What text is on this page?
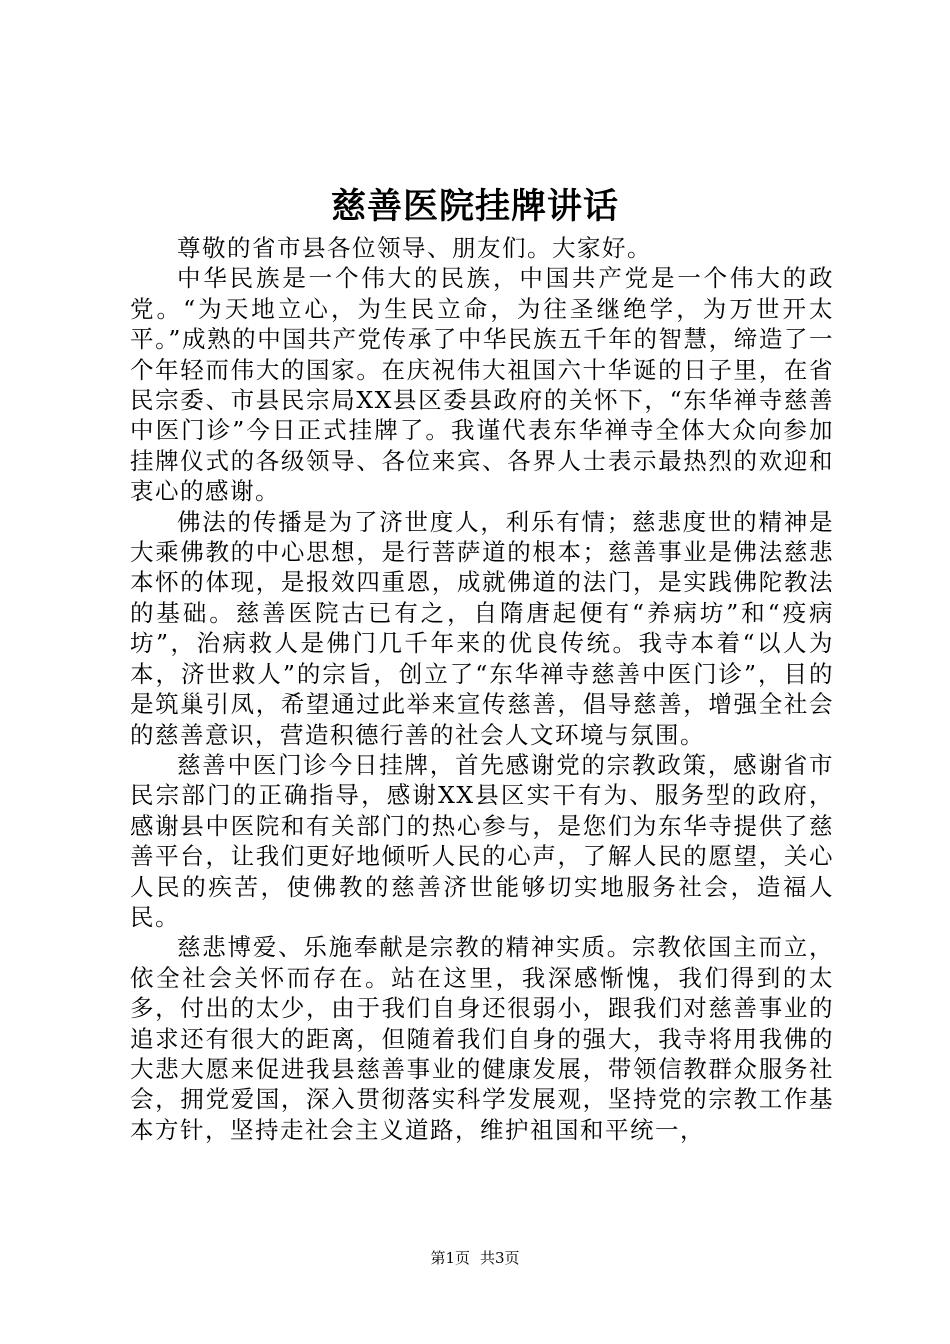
慈善医院挂牌讲话

尊敬的省市县各位领导、朋友们。大家好。

中华民族是一个伟大的民族，中国共产党是一个伟大的政党。“为天地立心，为生民立命，为往圣继绝学，为万世开太平。”成熟的中国共产党传承了中华民族五千年的智慧，缔造了一个年轻而伟大的国家。在庆祝伟大祖国六十华诞的日子里，在省民宗委、市县民宗局XX县区委县政府的关怀下，“东华禅寺慈善中医门诊”今日正式挂牌了。我谨代表东华禅寺全体大众向参加挂牌仪式的各级领导、各位来宾、各界人士表示最热烈的欢迎和衷心的感谢。

佛法的传播是为了济世度人，利乐有情；慈悲度世的精神是大乘佛教的中心思想，是行菩萨道的根本；慈善事业是佛法慈悲本怀的体现，是报效四重恩，成就佛道的法门，是实践佛陀教法的基础。慈善医院古已有之，自隋唐起便有“养病坊”和“疫病坊”，治病救人是佛门几千年来的优良传统。我寺本着“以人为本，济世救人”的宗旨，创立了“东华禅寺慈善中医门诊”，目的是筑巢引凤，希望通过此举来宣传慈善，倡导慈善，增强全社会的慈善意识，营造积德行善的社会人文环境与氛围。

慈善中医门诊今日挂牌，首先感谢党的宗教政策，感谢省市民宗部门的正确指导，感谢XX县区实干有为、服务型的政府，感谢县中医院和有关部门的热心参与，是您们为东华寺提供了慈善平台，让我们更好地倾听人民的心声，了解人民的愿望，关心人民的疾苦，使佛教的慈善济世能够切实地服务社会，造福人民。

慈悲博爱、乐施奉献是宗教的精神实质。宗教依国主而立，依全社会关怀而存在。站在这里，我深感惭愧，我们得到的太多，付出的太少，由于我们自身还很弱小，跟我们对慈善事业的追求还有很大的距离，但随着我们自身的强大，我寺将用我佛的大悲大愿来促进我县慈善事业的健康发展，带领信教群众服务社会，拥党爱国，深入贯彻落实科学发展观，坚持党的宗教工作基本方针，坚持走社会主义道路，维护祖国和平统一，

第1页 共3页
